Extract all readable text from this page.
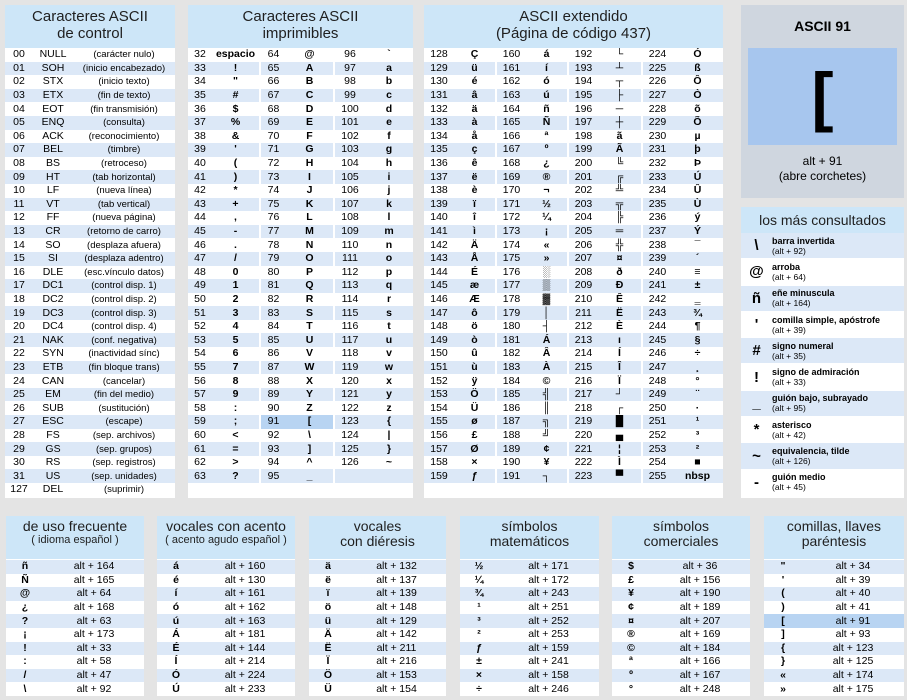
Caracteres ASCII
de control
00	NULL	(carácter nulo)
01	SOH	(inicio encabezado)
02	STX	(inicio texto)
03	ETX	(fin de texto)
04	EOT	(fin transmisión)
05	ENQ	(consulta)
06	ACK	(reconocimiento)
07	BEL	(timbre)
08	BS	(retroceso)
09	HT	(tab horizontal)
10	LF	(nueva línea)
11	VT	(tab vertical)
12	FF	(nueva página)
13	CR	(retorno de carro)
14	SO	(desplaza afuera)
15	SI	(desplaza adentro)
16	DLE	(esc.vínculo datos)
17	DC1	(control disp. 1)
18	DC2	(control disp. 2)
19	DC3	(control disp. 3)
20	DC4	(control disp. 4)
21	NAK	(conf. negativa)
22	SYN	(inactividad sínc)
23	ETB	(fin bloque trans)
24	CAN	(cancelar)
25	EM	(fin del medio)
26	SUB	(sustitución)
27	ESC	(escape)
28	FS	(sep. archivos)
29	GS	(sep. grupos)
30	RS	(sep. registros)
31	US	(sep. unidades)
127	DEL	(suprimir)
Caracteres ASCII
imprimibles
32	espacio	64	@	96	`
33	!	65	A	97	a
34	"	66	B	98	b
35	#	67	C	99	c
36	$	68	D	100	d
37	%	69	E	101	e
38	&	70	F	102	f
39	'	71	G	103	g
40	(	72	H	104	h
41	)	73	I	105	i
42	*	74	J	106	j
43	+	75	K	107	k
44	,	76	L	108	l
45	-	77	M	109	m
46	.	78	N	110	n
47	/	79	O	111	o
48	0	80	P	112	p
49	1	81	Q	113	q
50	2	82	R	114	r
51	3	83	S	115	s
52	4	84	T	116	t
53	5	85	U	117	u
54	6	86	V	118	v
55	7	87	W	119	w
56	8	88	X	120	x
57	9	89	Y	121	y
58	:	90	Z	122	z
59	;	91	[	123	{
60	<	92	\	124	|
61	=	93	]	125	}
62	>	94	^	126	~
63	?	95	_		
ASCII extendido
(Página de código 437)
128	Ç	160	á	192	└	224	Ó
129	ü	161	í	193	┴	225	ß
130	é	162	ó	194	┬	226	Ô
131	â	163	ú	195	├	227	Ò
132	ä	164	ñ	196	─	228	õ
133	à	165	Ñ	197	┼	229	Õ
134	å	166	ª	198	ã	230	µ
135	ç	167	º	199	Ã	231	þ
136	ê	168	¿	200	╚	232	Þ
137	ë	169	®	201	╔	233	Ú
138	è	170	¬	202	╩	234	Û
139	ï	171	½	203	╦	235	Ù
140	î	172	¼	204	╠	236	ý
141	ì	173	¡	205	═	237	Ý
142	Ä	174	«	206	╬	238	¯
143	Å	175	»	207	¤	239	´
144	É	176	░	208	ð	240	≡
145	æ	177	▒	209	Ð	241	±
146	Æ	178	▓	210	Ê	242	‗
147	ô	179	│	211	Ë	243	¾
148	ö	180	┤	212	È	244	¶
149	ò	181	Á	213	ı	245	§
150	û	182	Â	214	Í	246	÷
151	ù	183	À	215	Î	247	¸
152	ÿ	184	©	216	Ï	248	°
153	Ö	185	╣	217	┘	249	¨
154	Ü	186	║	218	┌	250	·
155	ø	187	╗	219	█	251	¹
156	£	188	╝	220	▄	252	³
157	Ø	189	¢	221	¦	253	²
158	×	190	¥	222	Ì	254	■
159	ƒ	191	┐	223	▀	255	nbsp
ASCII 91
[
alt + 91
(abre corchetes)
los más consultados
\	barra invertida
(alt + 92)
@ arroba
(alt + 64)
ñ	eñe minuscula
(alt + 164)
'	comilla simple, apóstrofe
(alt + 39)
#	signo numeral
(alt + 35)
!	signo de admiración
(alt + 33)
_	guión bajo, subrayado
(alt + 95)
*	asterisco
(alt + 42)
~	equivalencia, tilde
(alt + 126)
-	guión medio
(alt + 45)
de uso frecuente

( idioma español )
ñ	alt + 164
Ñ	alt + 165
@	alt + 64
¿	alt + 168
?	alt + 63
¡	alt + 173
!	alt + 33
:	alt + 58
/	alt + 47
\	alt + 92
vocales con acento

( acento agudo español )
á	alt + 160
é	alt + 130
í	alt + 161
ó	alt + 162
ú	alt + 163
Á	alt + 181
É	alt + 144
Í	alt + 214
Ó	alt + 224
Ú	alt + 233
vocales
con diéresis
ä	alt + 132
ë	alt + 137
ï	alt + 139
ö	alt + 148
ü	alt + 129
Ä	alt + 142
Ë	alt + 211
Ï	alt + 216
Ö	alt + 153
Ü	alt + 154
símbolos
matemáticos
½	alt + 171
¼	alt + 172
¾	alt + 243
¹	alt + 251
³	alt + 252
²	alt + 253
ƒ	alt + 159
±	alt + 241
×	alt + 158
÷	alt + 246
símbolos
comerciales
$	alt + 36
£	alt + 156
¥	alt + 190
¢	alt + 189
¤	alt + 207
®	alt + 169
©	alt + 184
ª	alt + 166
º	alt + 167
°	alt + 248
comillas, llaves
paréntesis
"	alt + 34
'	alt + 39
(	alt + 40
)	alt + 41
[	alt + 91
]	alt + 93
{	alt + 123
}	alt + 125
«	alt + 174
»	alt + 175
